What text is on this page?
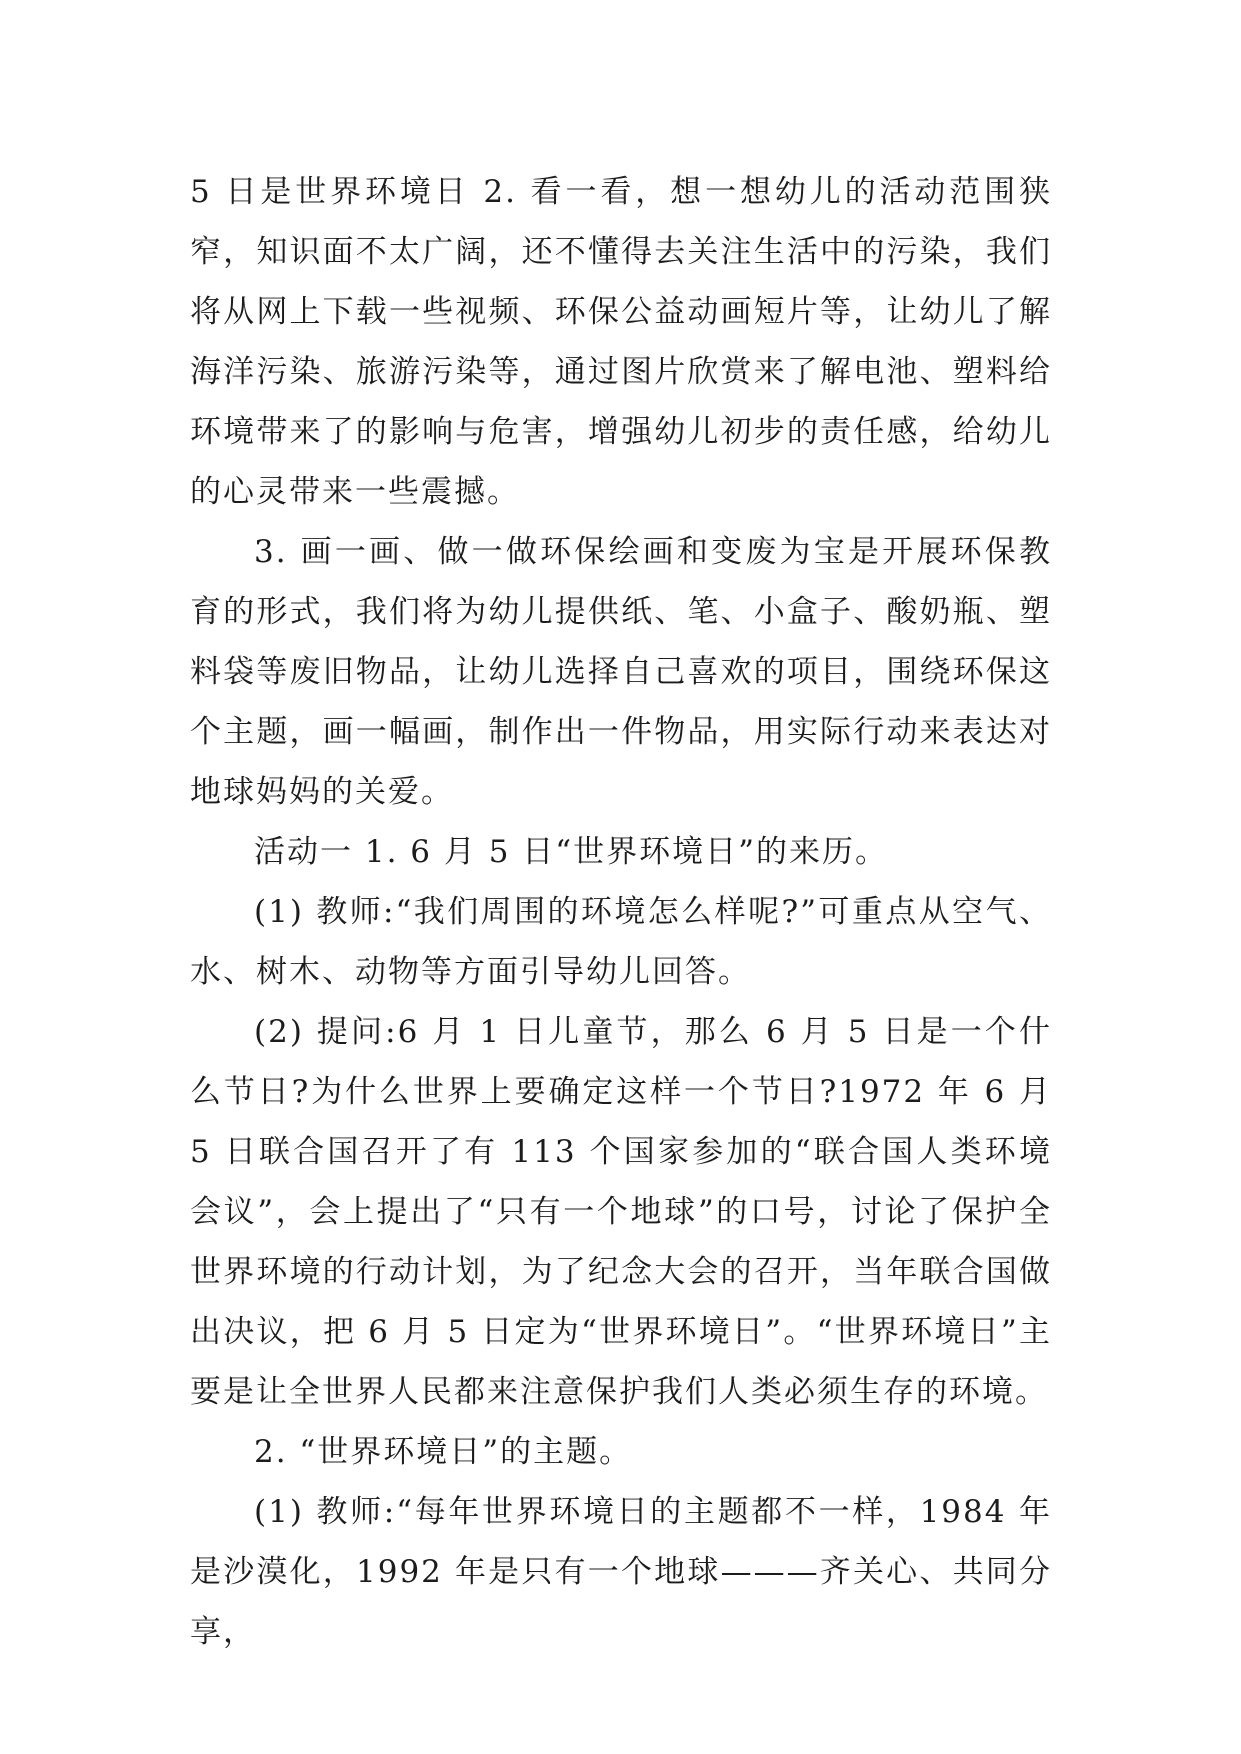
5 日是世界环境日 2. 看一看，想一想幼儿的活动范围狭窄，知识面不太广阔，还不懂得去关注生活中的污染，我们将从网上下载一些视频、环保公益动画短片等，让幼儿了解海洋污染、旅游污染等，通过图片欣赏来了解电池、塑料给环境带来了的影响与危害，增强幼儿初步的责任感，给幼儿的心灵带来一些震撼。

3. 画一画、做一做环保绘画和变废为宝是开展环保教育的形式，我们将为幼儿提供纸、笔、小盒子、酸奶瓶、塑料袋等废旧物品，让幼儿选择自己喜欢的项目，围绕环保这个主题，画一幅画，制作出一件物品，用实际行动来表达对地球妈妈的关爱。

活动一 1. 6 月 5 日“世界环境日”的来历。

(1) 教师:“我们周围的环境怎么样呢?”可重点从空气、水、树木、动物等方面引导幼儿回答。

(2) 提问:6 月 1 日儿童节，那么 6 月 5 日是一个什么节日?为什么世界上要确定这样一个节日?1972 年 6 月 5 日联合国召开了有 113 个国家参加的“联合国人类环境会议”，会上提出了“只有一个地球”的口号，讨论了保护全世界环境的行动计划，为了纪念大会的召开，当年联合国做出决议，把 6 月 5 日定为“世界环境日”。“世界环境日”主要是让全世界人民都来注意保护我们人类必须生存的环境。

2. “世界环境日”的主题。

(1) 教师:“每年世界环境日的主题都不一样，1984 年是沙漠化，1992 年是只有一个地球———齐关心、共同分享，
